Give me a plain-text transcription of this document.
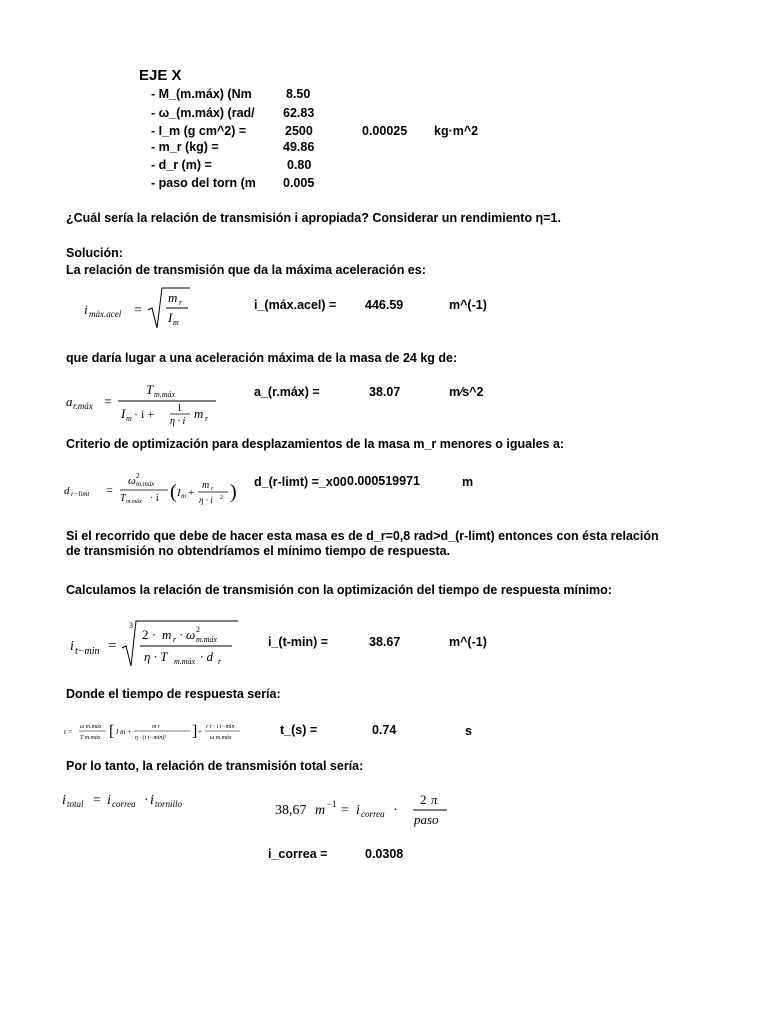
EJE X
- M_(m.máx) (Nm	8.50
- ω_(m.máx) (rad/ 62.83
- I_m (g cm^2) =	2500	0.00025 kg·m^2
- m_r (kg) =	49.86
- d_r (m) =	0.80
- paso del torn (m 0.005
¿Cuál sería la relación de transmisión i apropiada? Considerar un rendimiento η=1.
Solución:
La relación de transmisión que da la máxima aceleración es:
i máx.acel =
m r
I m
i_(máx.acel) = 446.59	m^(-1)
que daría lugar a una aceleración máxima de la masa de 24 kg de:
a r.máx =
T m.máx
I m · i + 1
η · i
m r
a_(r.máx) =	38.07	m⁄s^2
Criterio de optimización para desplazamientos de la masa m_r menores o iguales a:
d r−limt =
ω 2
m.máx
T m.máx · i ( I m +
m r
η · i 2 ) d_(r-limt) =_x00 0.000519971	m
Si el recorrido que debe de hacer esta masa es de d_r=0,8 rad>d_(r-limt) entonces con ésta relación
de transmisión no obtendríamos el mínimo tiempo de respuesta.
Calculamos la relación de transmisión con la optimización del tiempo de respuesta mínimo:
i t−min =
3
2 · m r · ω 2
m.máx
η · T m.máx · d r
i_(t-min) =	38.67	m^(-1)
Donde el tiempo de respuesta sería:
t =
ω m.máx
T m.máx [ I m +
m r
η · (i t−min)² ] +
r r · i t−min
ω m.máx
t_(s) =	0.74	s
Por lo tanto, la relación de transmisión total sería:
i total = i correa · i tornillo	38,67 m −1 = i correa ·
2 π
paso
i_correa =	0.0308
